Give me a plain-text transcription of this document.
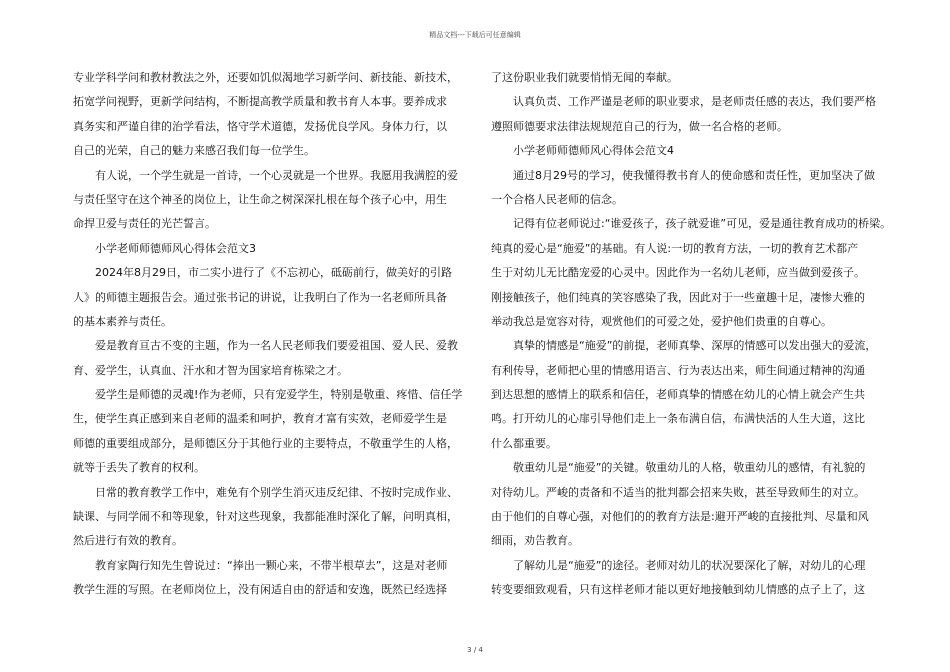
精品文档---下载后可任意编辑
专业学科学问和教材教法之外，还要如饥似渴地学习新学问、新技能、新技术，
拓宽学问视野，更新学问结构，不断提高教学质量和教书育人本事。要养成求
真务实和严谨自律的治学看法，恪守学术道德，发扬优良学风。身体力行，以
自己的光荣，自己的魅力来感召我们每一位学生。
有人说，一个学生就是一首诗，一个心灵就是一个世界。我愿用我满腔的爱
与责任坚守在这个神圣的岗位上，让生命之树深深扎根在每个孩子心中，用生
命捍卫爱与责任的光芒誓言。
小学老师师德师风心得体会范文3
2024年8月29日，市二实小进行了《不忘初心，砥砺前行，做美好的引路
人》的师德主题报告会。通过张书记的讲说，让我明白了作为一名老师所具备
的基本素养与责任。
爱是教育亘古不变的主题，作为一名人民老师我们要爱祖国、爱人民、爱教
育、爱学生，认真血、汗水和才智为国家培育栋梁之才。
爱学生是师德的灵魂!作为老师，只有宠爱学生，特别是敬重、疼惜、信任学
生，使学生真正感到来自老师的温柔和呵护，教育才富有实效，老师爱学生是
师德的重要组成部分，是师德区分于其他行业的主要特点，不敬重学生的人格，
就等于丢失了教育的权利。
日常的教育教学工作中，难免有个别学生消灭违反纪律、不按时完成作业、
缺课、与同学闹不和等现象，针对这些现象，我都能准时深化了解，问明真相，
然后进行有效的教育。
教育家陶行知先生曾说过：“捧出一颗心来，不带半根草去”，这是对老师
教学生涯的写照。在老师岗位上，没有闲适自由的舒适和安逸，既然已经选择
了这份职业我们就要悄悄无闻的奉献。
认真负责、工作严谨是老师的职业要求，是老师责任感的表达，我们要严格
遵照师德要求法律法规规范自己的行为，做一名合格的老师。
小学老师师德师风心得体会范文4
通过8月29号的学习，使我懂得教书育人的使命感和责任性，更加坚决了做
一个合格人民老师的信念。
记得有位老师说过:“谁爱孩子，孩子就爱谁”可见，爱是通往教育成功的桥梁。
纯真的爱心是“施爱”的基础。有人说:一切的教育方法，一切的教育艺术都产
生于对幼儿无比酷宠爱的心灵中。因此作为一名幼儿老师，应当做到爱孩子。
刚接触孩子，他们纯真的笑容感染了我，因此对于一些童趣十足，凄惨大雅的
举动我总是宽容对待，观赏他们的可爱之处，爱护他们贵重的自尊心。
真挚的情感是“施爱”的前提，老师真挚、深厚的情感可以发出强大的爱流，
有利传导，老师把心里的情感用语言、行为表达出来，师生间通过精神的沟通
到达思想的感情上的联系和信任，老师真挚的情感在幼儿的心情上就会产生共
鸣。打开幼儿的心扉引导他们走上一条布满自信，布满快活的人生大道，这比
什么都重要。
敬重幼儿是“施爱”的关键。敬重幼儿的人格，敬重幼儿的感情，有礼貌的
对待幼儿。严峻的责备和不适当的批判都会招来失败，甚至导致师生的对立。
由于他们的自尊心强，对他们的的教育方法是:避开严峻的直接批判、尽量和风
细雨，劝告教育。
了解幼儿是“施爱”的途径。老师对幼儿的状况要深化了解，对幼儿的心理
转变要细致观看，只有这样老师才能以更好地接触到幼儿情感的点子上了，这
3 / 4
